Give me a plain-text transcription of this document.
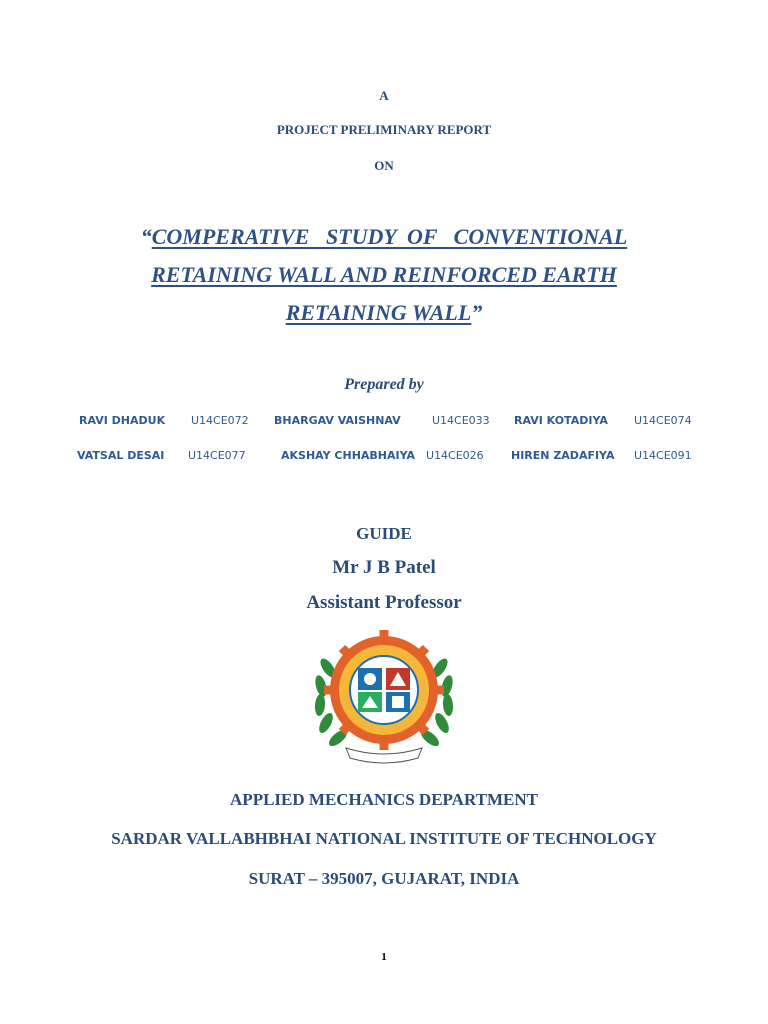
A
PROJECT PRELIMINARY REPORT
ON
“COMPERATIVE   STUDY  OF   CONVENTIONAL
RETAINING WALL AND REINFORCED EARTH
RETAINING WALL”
Prepared by
RAVI DHADUK U14CE072 BHARGAV VAISHNAV	U14CE033 RAVI KOTADIYA U14CE074
VATSAL DESAI U14CE077	AKSHAY CHHABHAIYA U14CE026 HIREN ZADAFIYA U14CE091
GUIDE
Mr J B Patel
Assistant Professor
APPLIED MECHANICS DEPARTMENT
SARDAR VALLABHBHAI NATIONAL INSTITUTE OF TECHNOLOGY
SURAT – 395007, GUJARAT, INDIA
1
